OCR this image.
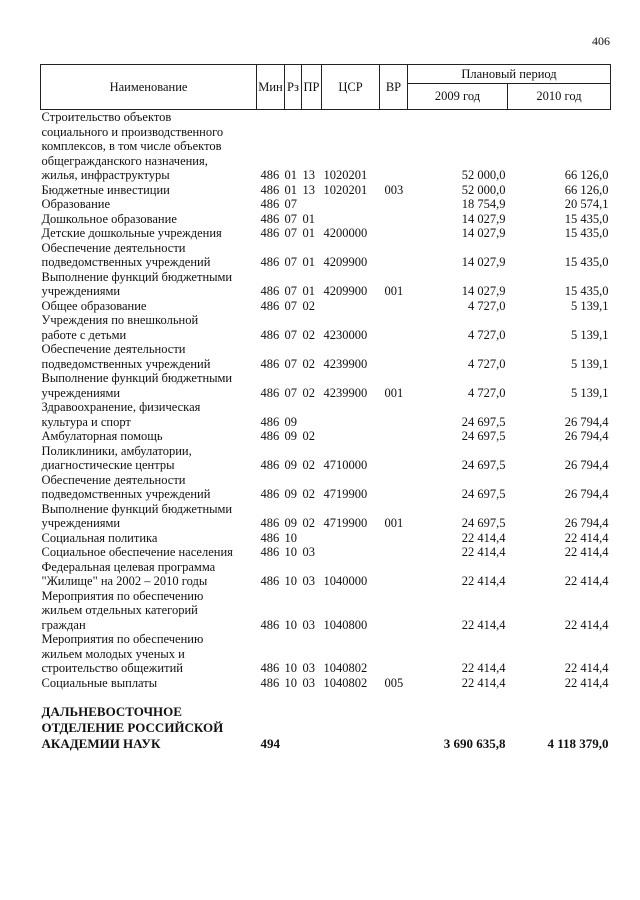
406
Наименование	Мин	Рз	ПР	ЦСР	ВР	Плановый период	
						2009 год	2010 год
Строительство объектов
социального и производственного
комплексов, в том числе объектов
общегражданского назначения,
жилья, инфраструктуры	486	01	13	1020201		52 000,0	66 126,0
Бюджетные инвестиции	486	01	13	1020201	003	52 000,0	66 126,0
Образование	486	07				18 754,9	20 574,1
Дошкольное образование	486	07	01			14 027,9	15 435,0
Детские дошкольные учреждения	486	07	01	4200000		14 027,9	15 435,0
Обеспечение деятельности
подведомственных учреждений	486	07	01	4209900		14 027,9	15 435,0
Выполнение функций бюджетными
учреждениями	486	07	01	4209900	001	14 027,9	15 435,0
Общее образование	486	07	02			4 727,0	5 139,1
Учреждения по внешкольной
работе с детьми	486	07	02	4230000		4 727,0	5 139,1
Обеспечение деятельности
подведомственных учреждений	486	07	02	4239900		4 727,0	5 139,1
Выполнение функций бюджетными
учреждениями	486	07	02	4239900	001	4 727,0	5 139,1
Здравоохранение, физическая
культура и спорт	486	09				24 697,5	26 794,4
Амбулаторная помощь	486	09	02			24 697,5	26 794,4
Поликлиники, амбулатории,
диагностические центры	486	09	02	4710000		24 697,5	26 794,4
Обеспечение деятельности
подведомственных учреждений	486	09	02	4719900		24 697,5	26 794,4
Выполнение функций бюджетными
учреждениями	486	09	02	4719900	001	24 697,5	26 794,4
Социальная политика	486	10				22 414,4	22 414,4
Социальное обеспечение населения	486	10	03			22 414,4	22 414,4
Федеральная целевая программа
"Жилище" на 2002 – 2010 годы	486	10	03	1040000		22 414,4	22 414,4
Мероприятия по обеспечению
жильем отдельных категорий
граждан	486	10	03	1040800		22 414,4	22 414,4
Мероприятия по обеспечению
жильем молодых ученых и
строительство общежитий	486	10	03	1040802		22 414,4	22 414,4
Социальные выплаты	486	10	03	1040802	005	22 414,4	22 414,4

ДАЛЬНЕВОСТОЧНОЕ
ОТДЕЛЕНИЕ РОССИЙСКОЙ
АКАДЕМИИ НАУК	494					3 690 635,8	4 118 379,0
